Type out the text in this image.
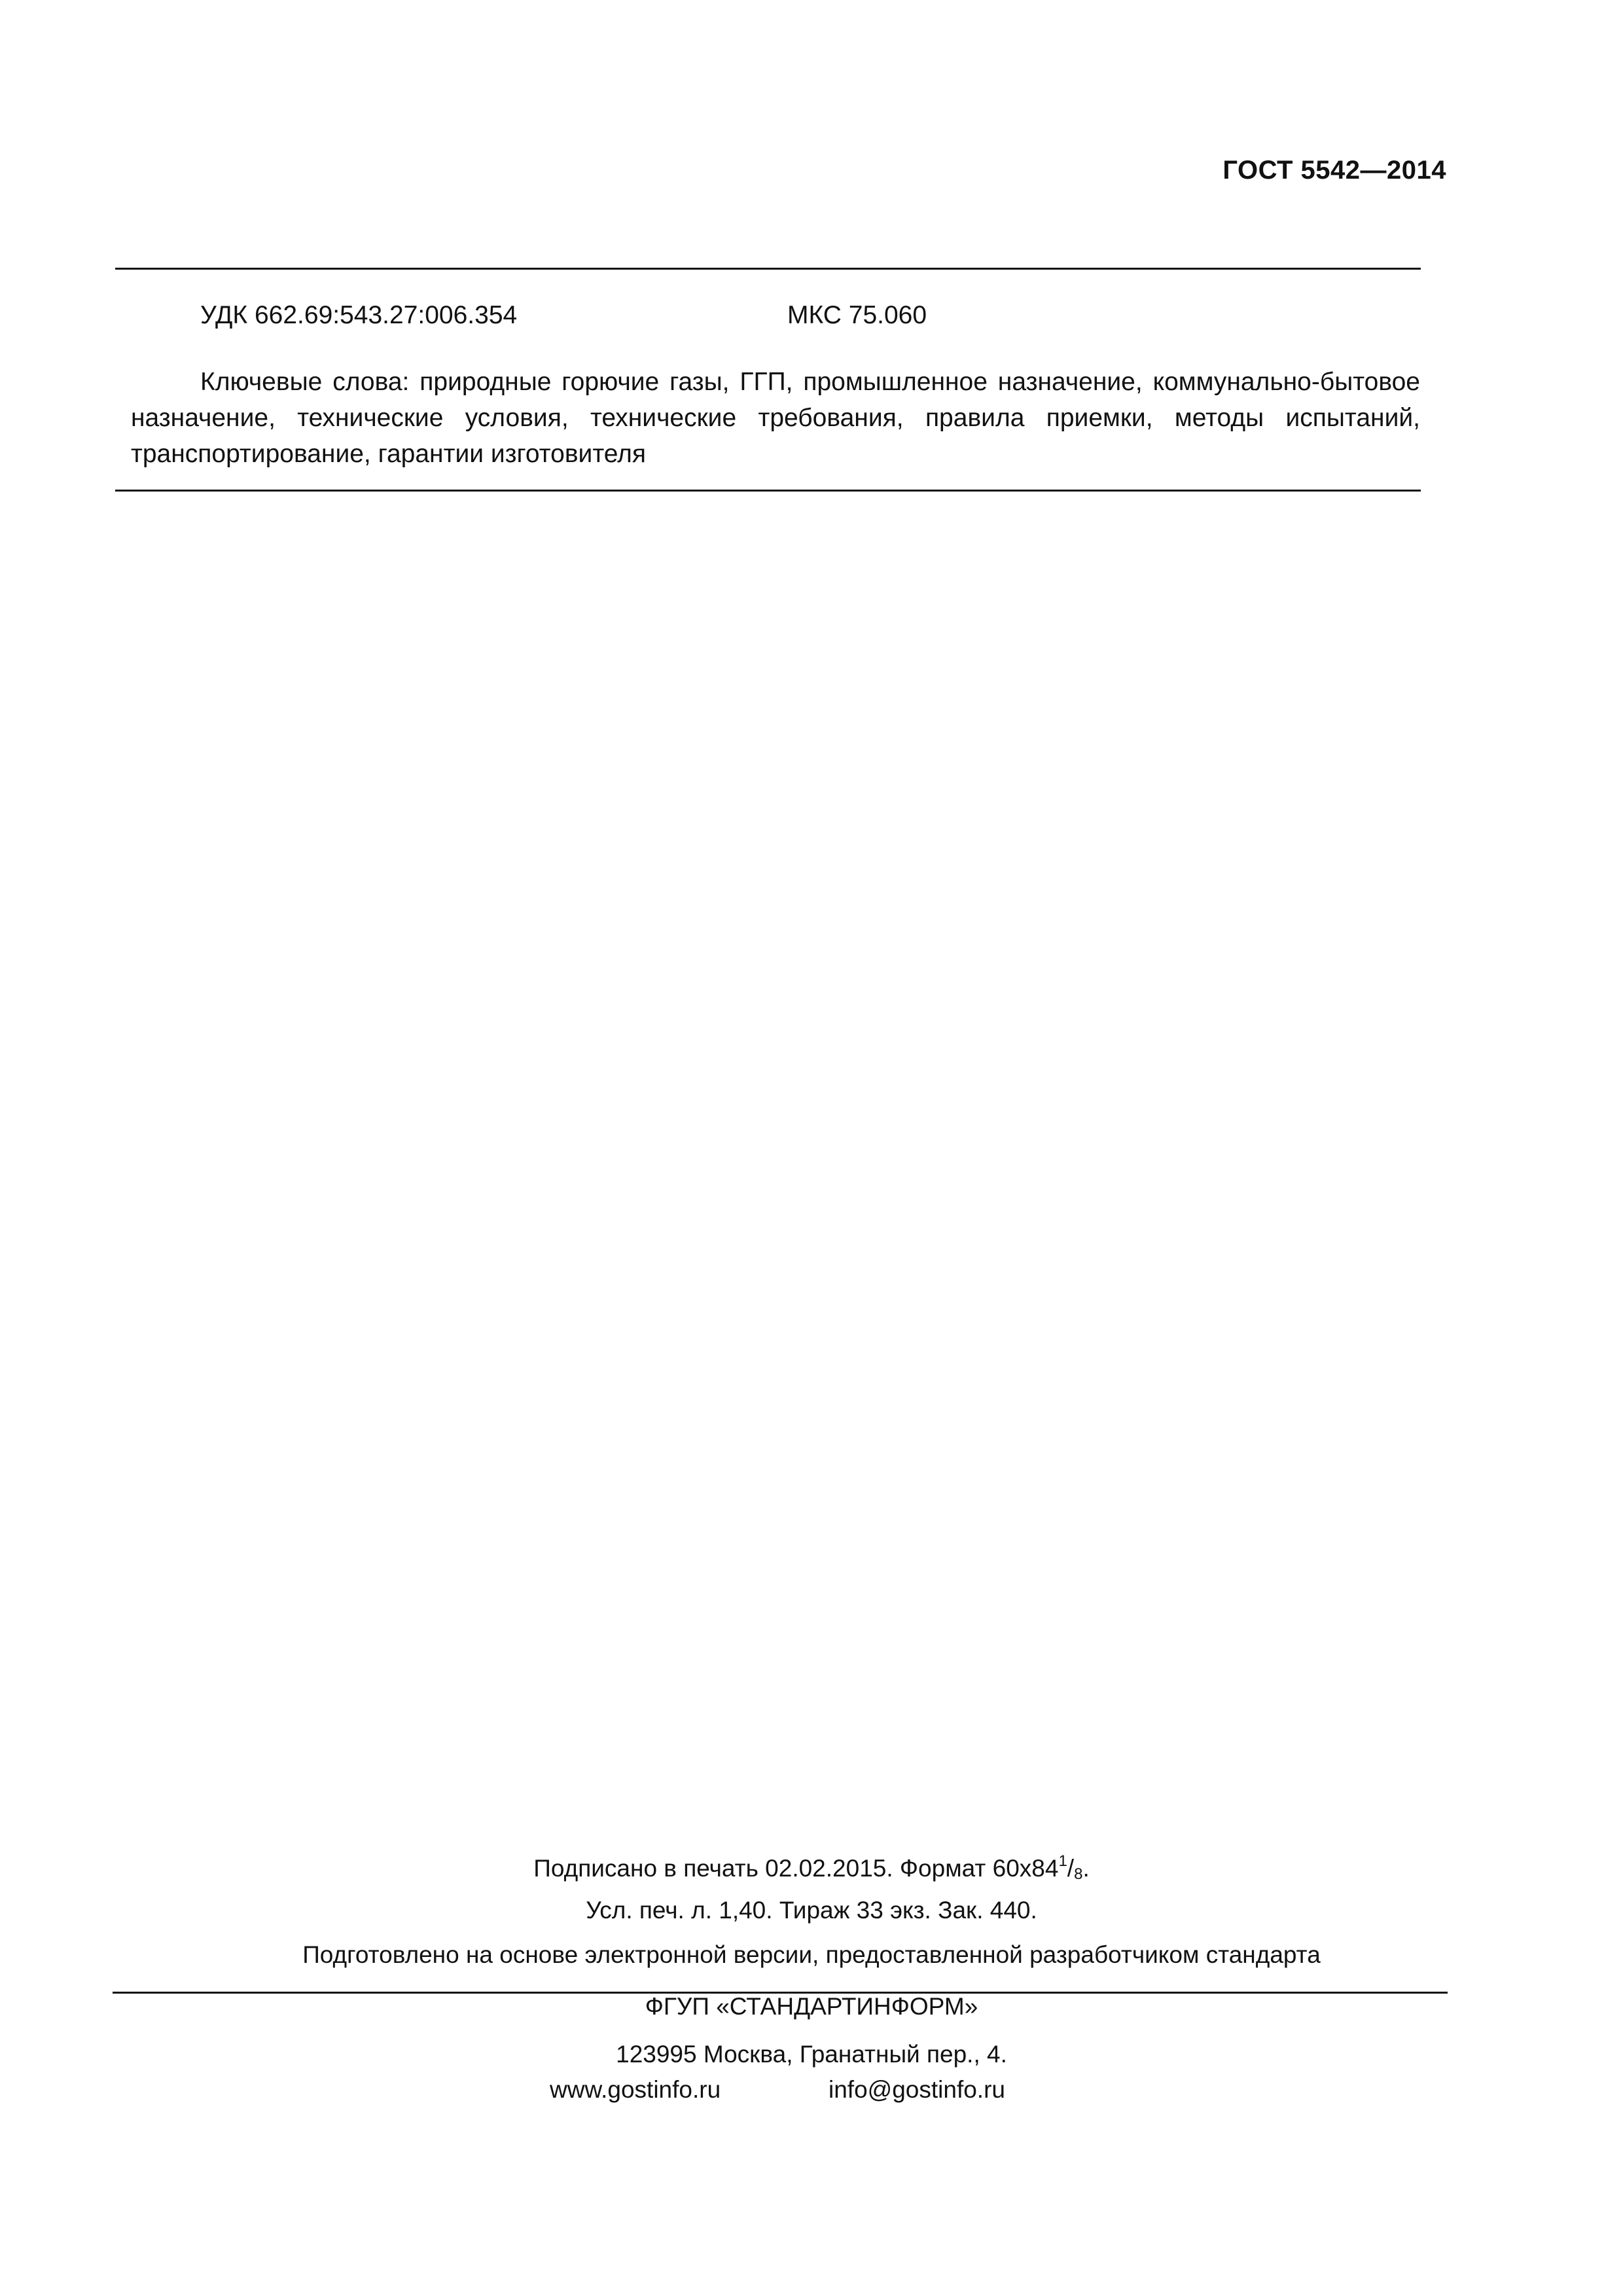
ГОСТ 5542—2014
УДК 662.69:543.27:006.354	МКС 75.060
Ключевые слова: природные горючие газы, ГГП, промышленное назначение, коммунально-бытовое назначение, технические условия, технические требования, правила приемки, методы испытаний, транспортирование, гарантии изготовителя
Подписано в печать 02.02.2015. Формат $60х84^1/_8$.
Усл. печ. л. 1,40. Тираж 33 экз. Зак. 440.
Подготовлено на основе электронной версии, предоставленной разработчиком стандарта
ФГУП «СТАНДАРТИНФОРМ»
123995 Москва, Гранатный пер., 4.
www.gostinfo.ru	info@gostinfo.ru
